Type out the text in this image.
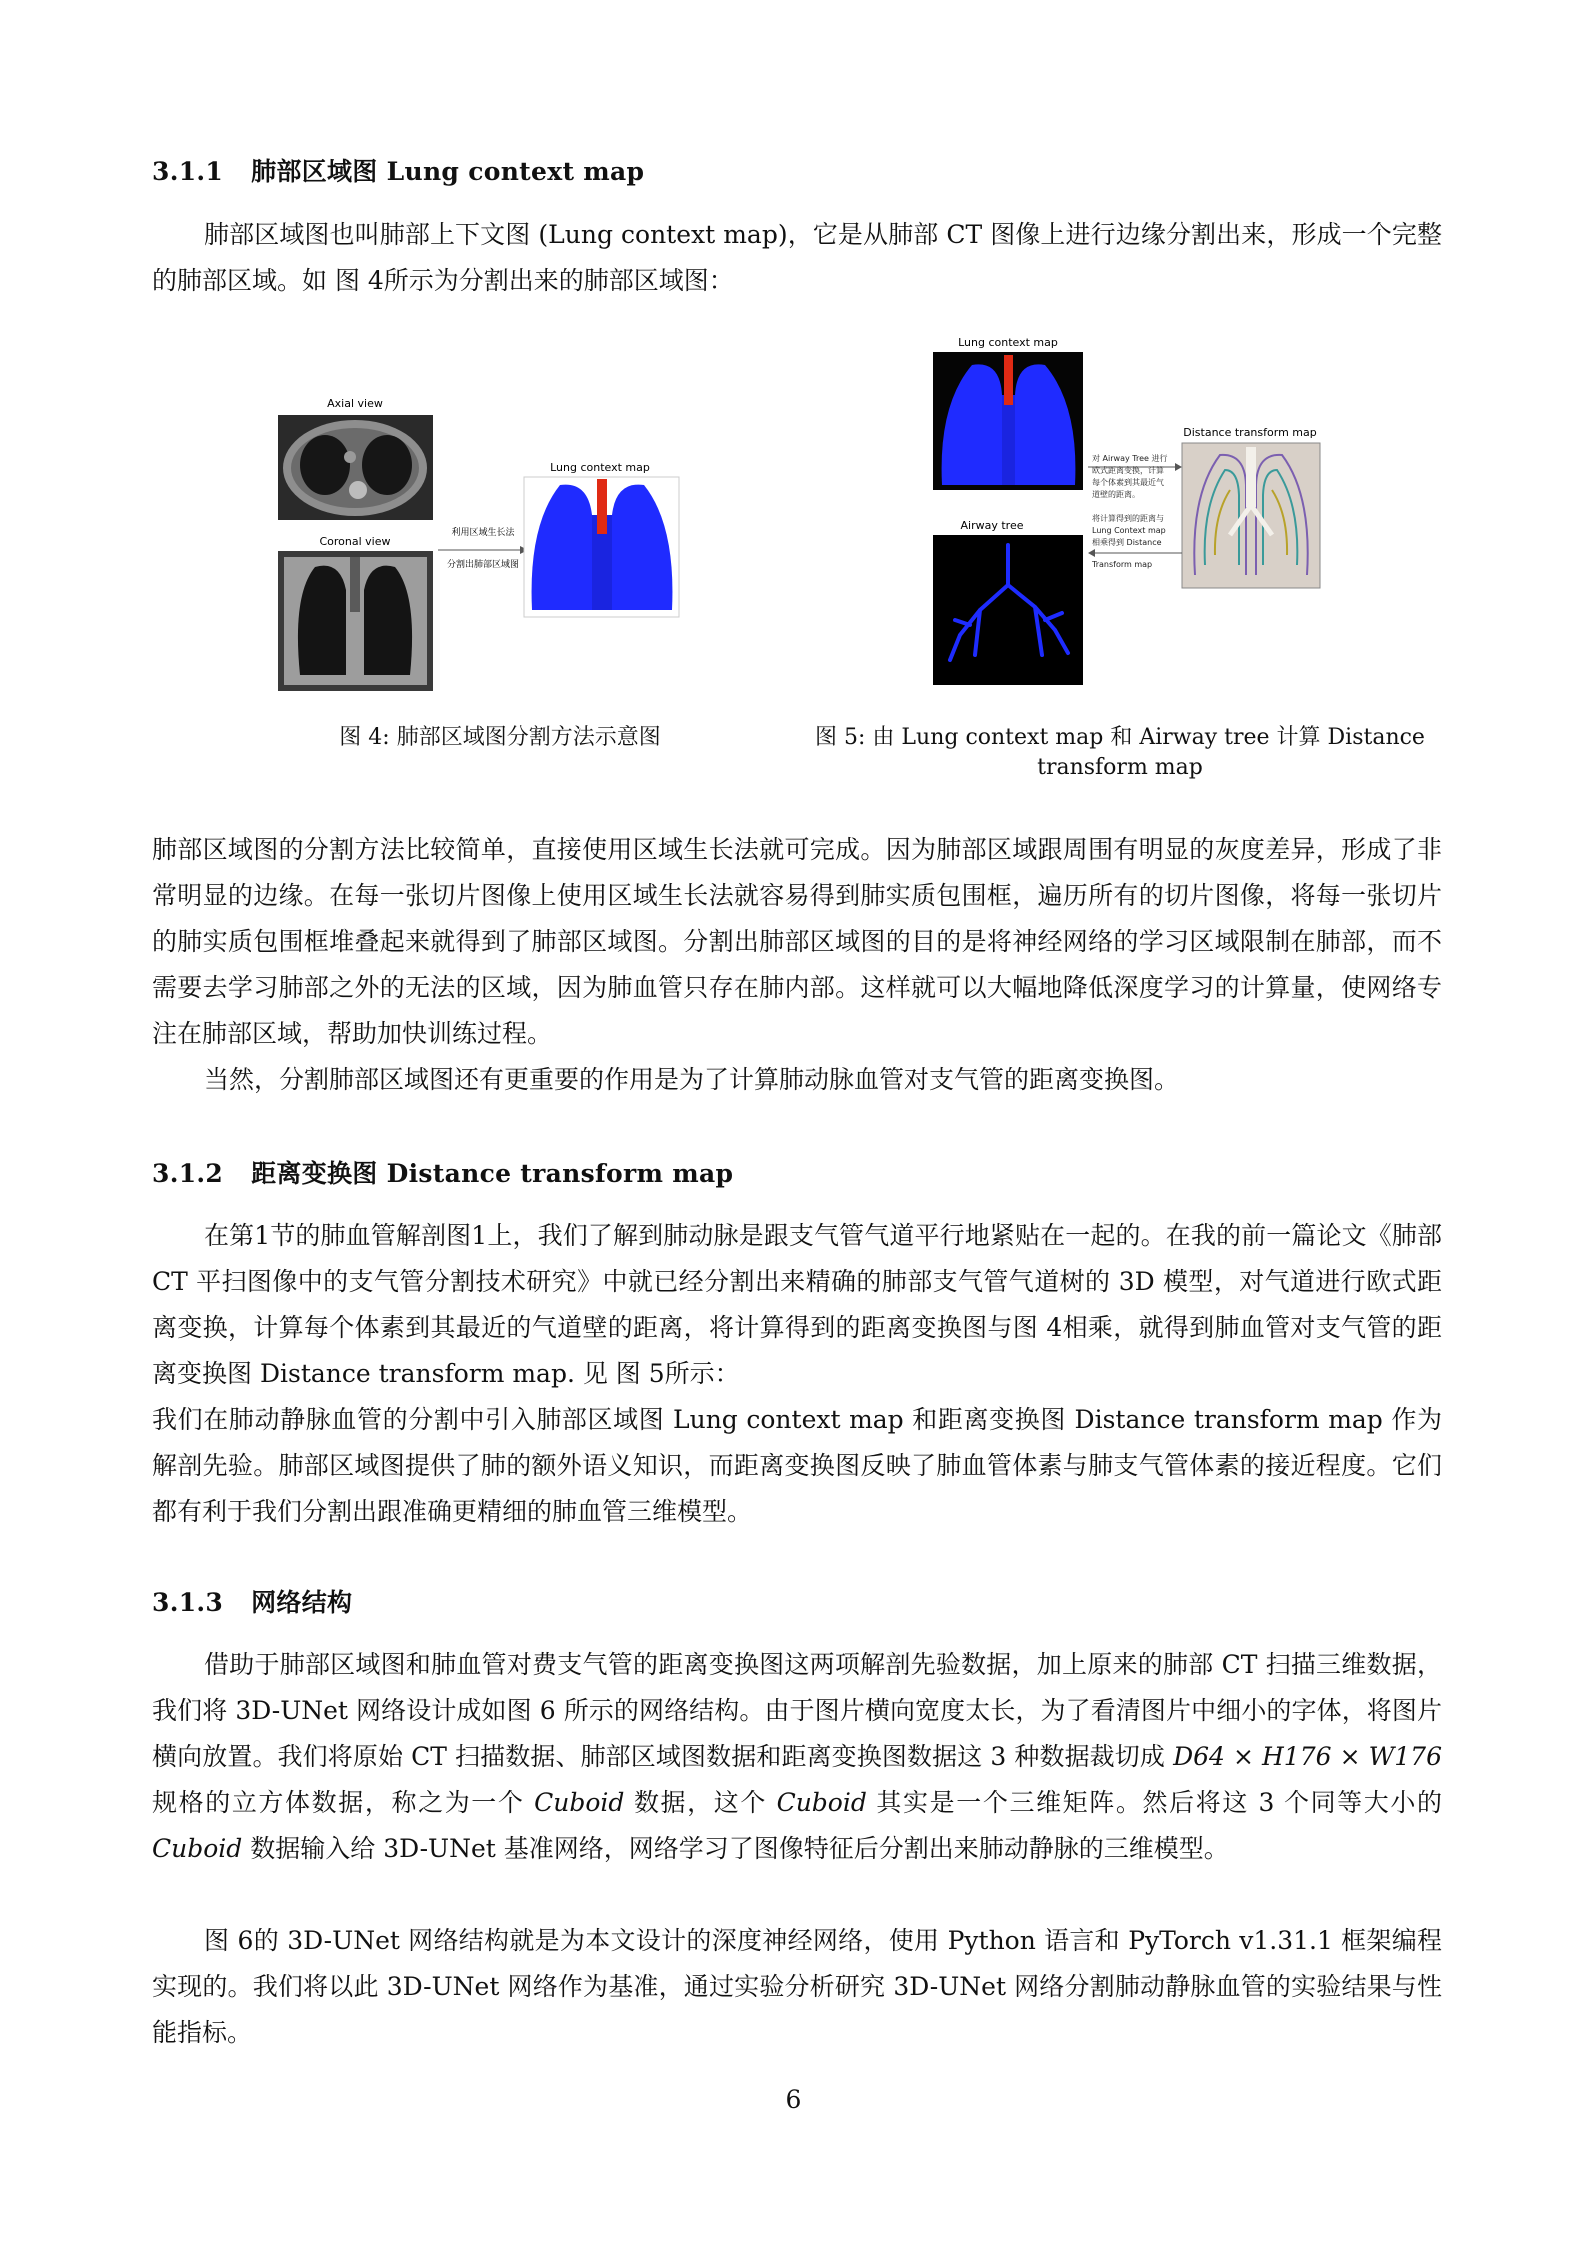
3.1.1 肺部区域图 Lung context map

肺部区域图也叫肺部上下文图 (Lung context map)，它是从肺部 CT 图像上进行边缘分割出来，形成一个完整的肺部区域。如 图 4所示为分割出来的肺部区域图：

Axial view
Coronal view
利用区域生长法
分割出肺部区域图
Lung context map
图 4: 肺部区域图分割方法示意图
Lung context map
Airway tree
Distance transform map
对 Airway Tree 进行
欧式距离变换，计算
每个体素到其最近气
道壁的距离。
将计算得到的距离与
Lung Context map
相乘得到 Distance
Transform map
图 5: 由 Lung context map 和 Airway tree 计算 Distance
transform map

肺部区域图的分割方法比较简单，直接使用区域生长法就可完成。因为肺部区域跟周围有明显的灰度差异，形成了非常明显的边缘。在每一张切片图像上使用区域生长法就容易得到肺实质包围框，遍历所有的切片图像，将每一张切片的肺实质包围框堆叠起来就得到了肺部区域图。分割出肺部区域图的目的是将神经网络的学习区域限制在肺部，而不需要去学习肺部之外的无法的区域，因为肺血管只存在肺内部。这样就可以大幅地降低深度学习的计算量，使网络专注在肺部区域，帮助加快训练过程。

当然，分割肺部区域图还有更重要的作用是为了计算肺动脉血管对支气管的距离变换图。

3.1.2 距离变换图 Distance transform map

在第1节的肺血管解剖图1上，我们了解到肺动脉是跟支气管气道平行地紧贴在一起的。在我的前一篇论文《肺部 CT 平扫图像中的支气管分割技术研究》中就已经分割出来精确的肺部支气管气道树的 3D 模型，对气道进行欧式距离变换，计算每个体素到其最近的气道壁的距离，将计算得到的距离变换图与图 4相乘，就得到肺血管对支气管的距离变换图 Distance transform map. 见 图 5所示：

我们在肺动静脉血管的分割中引入肺部区域图 Lung context map 和距离变换图 Distance transform map 作为解剖先验。肺部区域图提供了肺的额外语义知识，而距离变换图反映了肺血管体素与肺支气管体素的接近程度。它们都有利于我们分割出跟准确更精细的肺血管三维模型。

3.1.3 网络结构

借助于肺部区域图和肺血管对费支气管的距离变换图这两项解剖先验数据，加上原来的肺部 CT 扫描三维数据，我们将 3D-UNet 网络设计成如图 6 所示的网络结构。由于图片横向宽度太长，为了看清图片中细小的字体，将图片横向放置。我们将原始 CT 扫描数据、肺部区域图数据和距离变换图数据这 3 种数据裁切成 D64 × H176 × W176 规格的立方体数据，称之为一个 Cuboid 数据，这个 Cuboid 其实是一个三维矩阵。然后将这 3 个同等大小的 Cuboid 数据输入给 3D-UNet 基准网络，网络学习了图像特征后分割出来肺动静脉的三维模型。

图 6的 3D-UNet 网络结构就是为本文设计的深度神经网络，使用 Python 语言和 PyTorch v1.31.1 框架编程实现的。我们将以此 3D-UNet 网络作为基准，通过实验分析研究 3D-UNet 网络分割肺动静脉血管的实验结果与性能指标。

6
